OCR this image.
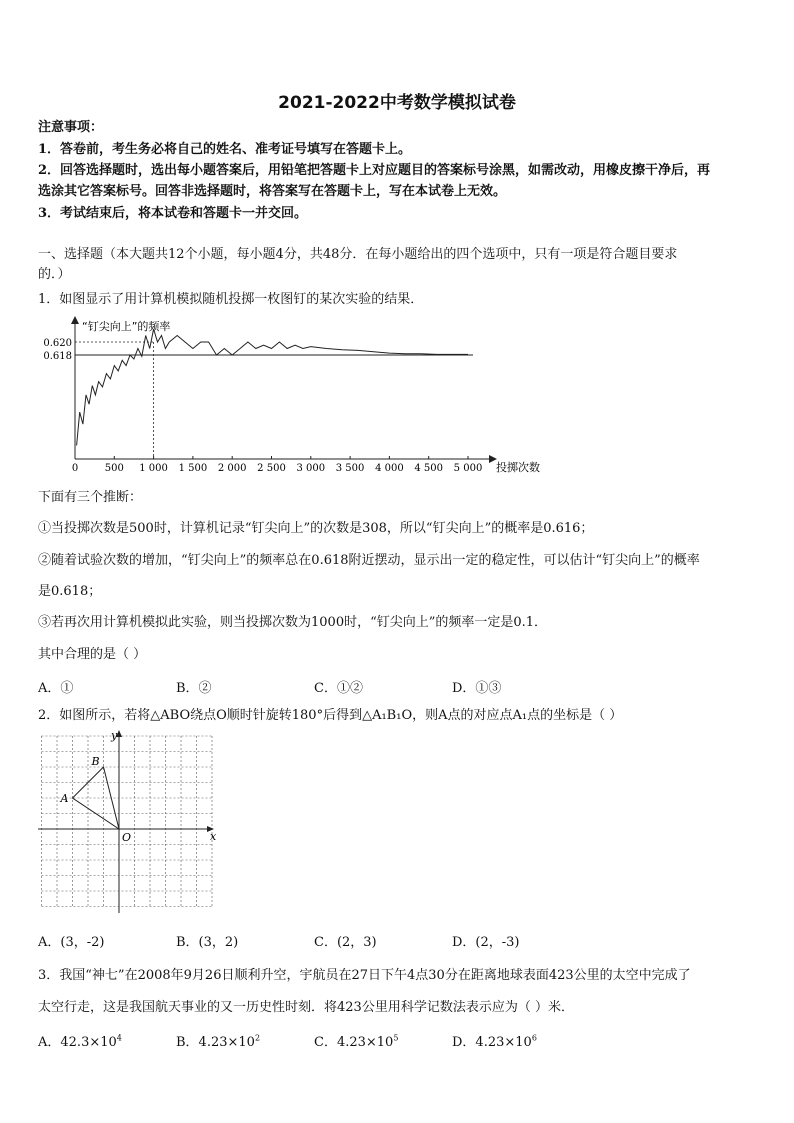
2021-2022中考数学模拟试卷
注意事项：
1．答卷前，考生务必将自己的姓名、准考证号填写在答题卡上。
2．回答选择题时，选出每小题答案后，用铅笔把答题卡上对应题目的答案标号涂黑，如需改动，用橡皮擦干净后，再
选涂其它答案标号。回答非选择题时，将答案写在答题卡上，写在本试卷上无效。
3．考试结束后，将本试卷和答题卡一并交回。
一、选择题（本大题共12个小题，每小题4分，共48分．在每小题给出的四个选项中，只有一项是符合题目要求
的．）
1．如图显示了用计算机模拟随机投掷一枚图钉的某次实验的结果．
“钉尖向上”的频率
投掷次数
0	500 1 000 1 500 2 000 2 500 3 000 3 500 4 000 4 500 5 000
0.620
0.618
下面有三个推断：
①当投掷次数是500时，计算机记录“钉尖向上”的次数是308，所以“钉尖向上”的概率是0.616；
②随着试验次数的增加，“钉尖向上”的频率总在0.618附近摆动，显示出一定的稳定性，可以估计“钉尖向上”的概率
是0.618；
③若再次用计算机模拟此实验，则当投掷次数为1000时，“钉尖向上”的频率一定是0.1．
其中合理的是（ ）
A．①	B．②	C．①②	D．①③
2．如图所示，若将△ABO绕点O顺时针旋转180°后得到△A₁B₁O，则A点的对应点A₁点的坐标是（ ）
x
y
A
B
O
A．(3，-2)	B．(3，2)	C．(2，3)	D．(2，-3)
3．我国“神七”在2008年9月26日顺利升空，宇航员在27日下午4点30分在距离地球表面423公里的太空中完成了
太空行走，这是我国航天事业的又一历史性时刻．将423公里用科学记数法表示应为（ ）米．
A．$42.3\times 10^4$	B．$4.23\times 10^2$	C．$4.23\times 10^5$	D．$4.23\times 10^6$
